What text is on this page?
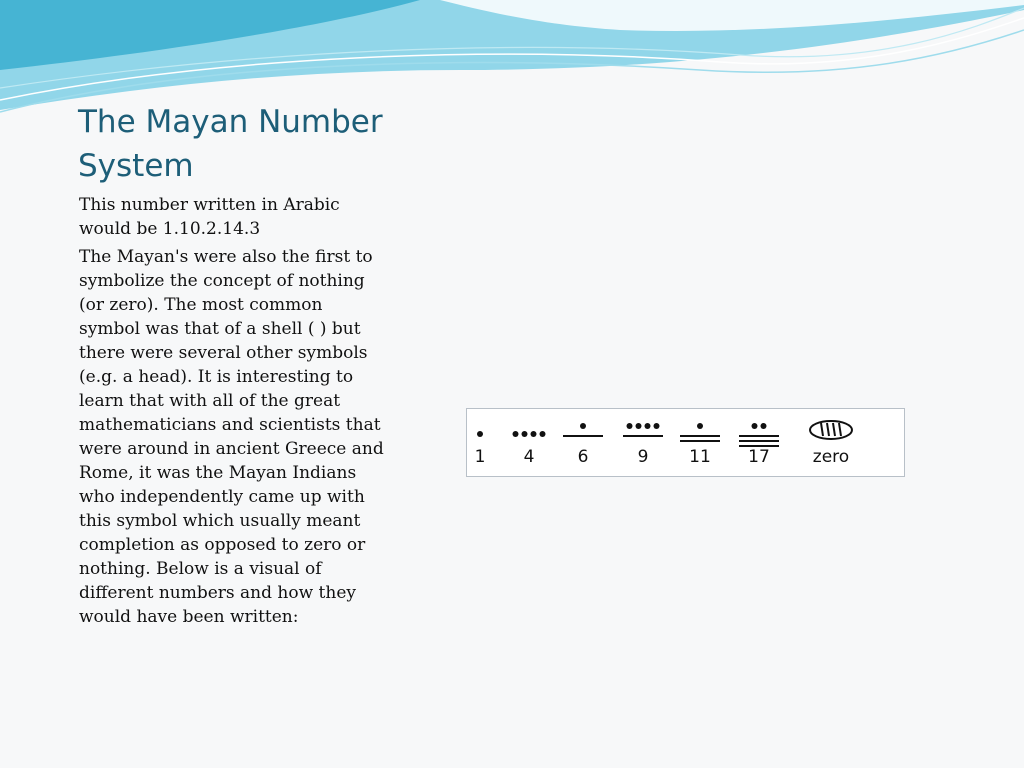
The Mayan Number System

This number written in Arabic would be 1.10.2.14.3

The Mayan's were also the first to symbolize the concept of nothing (or zero). The most common symbol was that of a shell ( ) but there were several other symbols (e.g. a head). It is interesting to learn that with all of the great mathematicians and scientists that were around in ancient Greece and Rome, it was the Mayan Indians who independently came up with this symbol which usually meant completion as opposed to zero or nothing. Below is a visual of different numbers and how they would have been written:

1 4	6	9 11 17	zero
